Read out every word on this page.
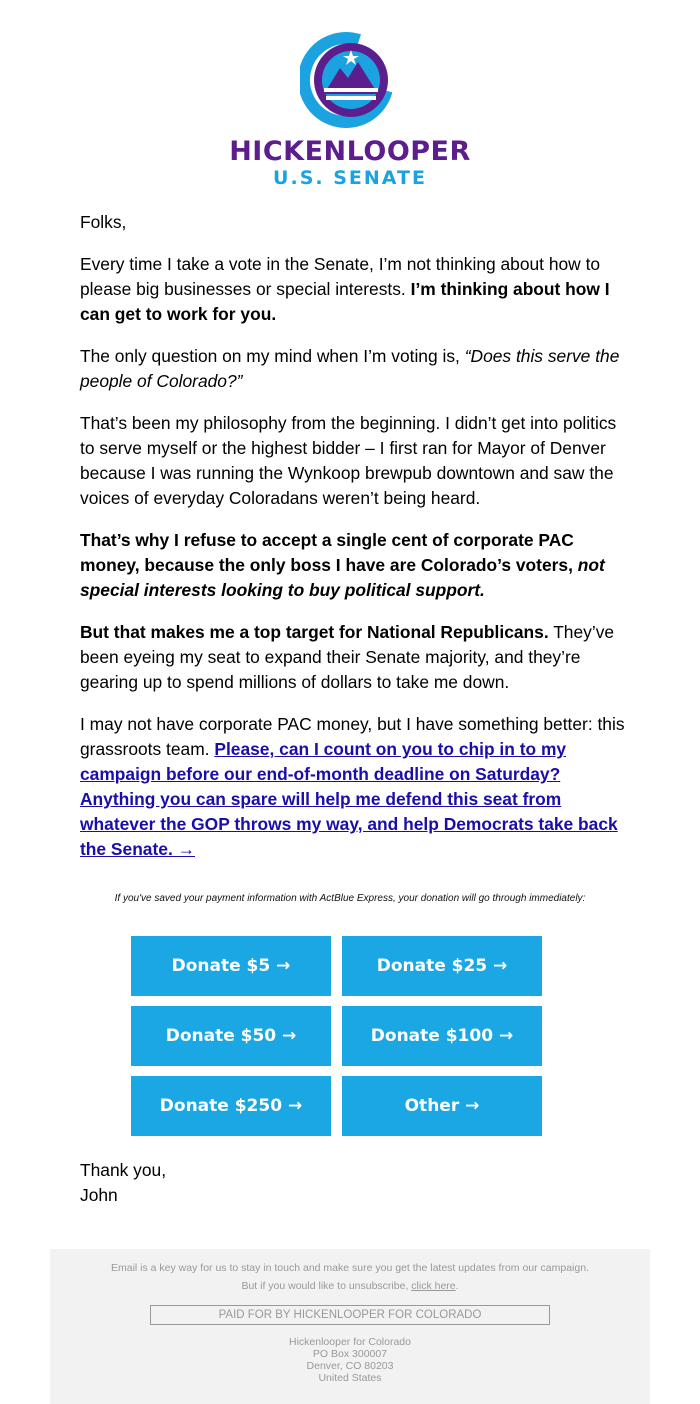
HICKENLOOPER
U.S. SENATE

Folks,

Every time I take a vote in the Senate, I’m not thinking about how to please big businesses or special interests. I’m thinking about how I can get to work for you.

The only question on my mind when I’m voting is, “Does this serve the people of Colorado?”

That’s been my philosophy from the beginning. I didn’t get into politics to serve myself or the highest bidder – I first ran for Mayor of Denver because I was running the Wynkoop brewpub downtown and saw the voices of everyday Coloradans weren’t being heard.

That’s why I refuse to accept a single cent of corporate PAC money, because the only boss I have are Colorado’s voters, not special interests looking to buy political support.

But that makes me a top target for National Republicans. They’ve been eyeing my seat to expand their Senate majority, and they’re gearing up to spend millions of dollars to take me down.

I may not have corporate PAC money, but I have something better: this grassroots team. Please, can I count on you to chip in to my campaign before our end-of-month deadline on Saturday? Anything you can spare will help me defend this seat from whatever the GOP throws my way, and help Democrats take back the Senate. →

If you've saved your payment information with ActBlue Express, your donation will go through immediately:
Donate $5 →	Donate $25 →
Donate $50 →	Donate $100 →
Donate $250 →	Other →
Thank you,
John
Email is a key way for us to stay in touch and make sure you get the latest updates from our campaign.
But if you would like to unsubscribe, click here.
PAID FOR BY HICKENLOOPER FOR COLORADO
Hickenlooper for Colorado
PO Box 300007
Denver, CO 80203
United States
